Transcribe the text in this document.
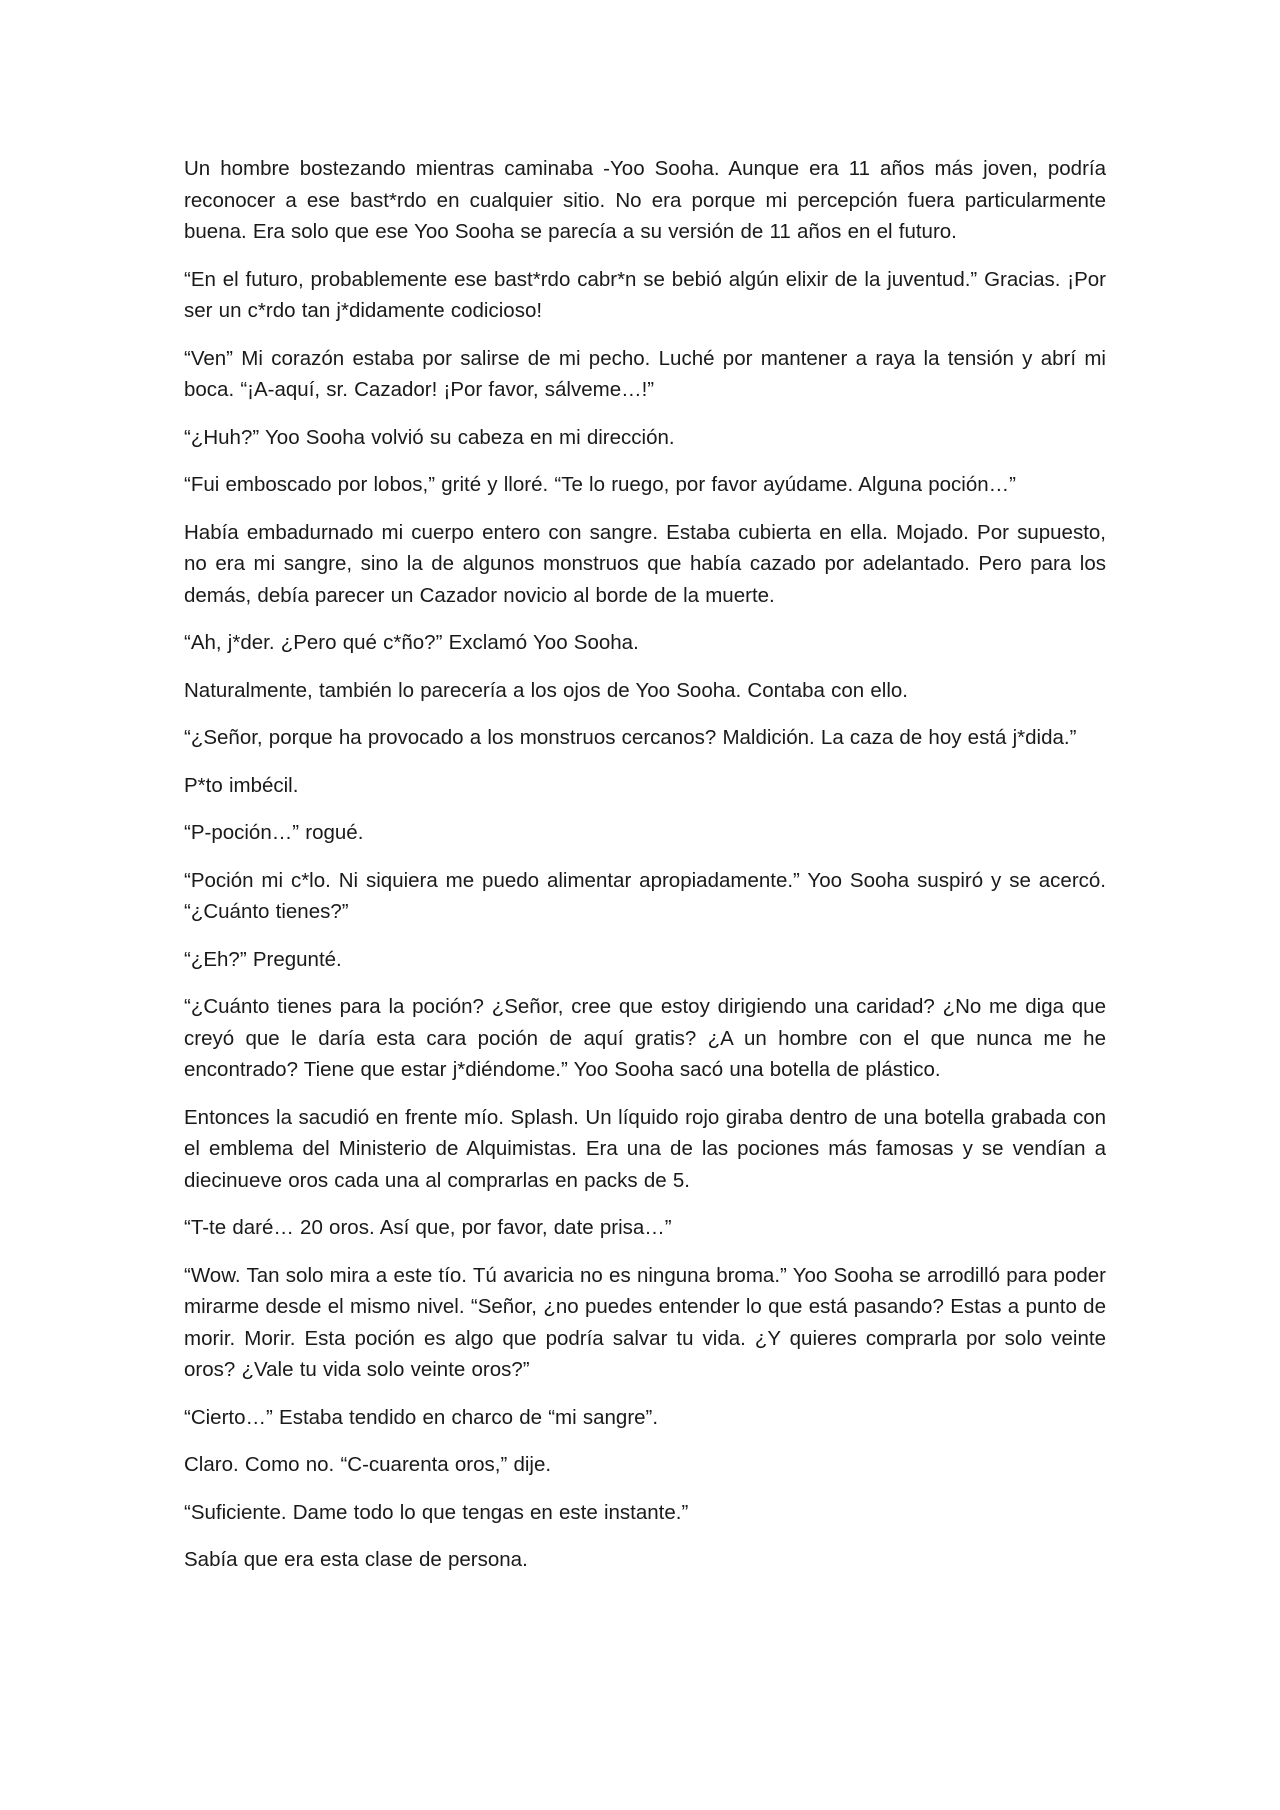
Un hombre bostezando mientras caminaba -Yoo Sooha. Aunque era 11 años más joven, podría reconocer a ese bast*rdo en cualquier sitio. No era porque mi percepción fuera particularmente buena. Era solo que ese Yoo Sooha se parecía a su versión de 11 años en el futuro.

“En el futuro, probablemente ese bast*rdo cabr*n se bebió algún elixir de la juventud.” Gracias. ¡Por ser un c*rdo tan j*didamente codicioso!

“Ven” Mi corazón estaba por salirse de mi pecho. Luché por mantener a raya la tensión y abrí mi boca. “¡A-aquí, sr. Cazador! ¡Por favor, sálveme…!”

“¿Huh?” Yoo Sooha volvió su cabeza en mi dirección.

“Fui emboscado por lobos,” grité y lloré. “Te lo ruego, por favor ayúdame. Alguna poción…”

Había embadurnado mi cuerpo entero con sangre. Estaba cubierta en ella. Mojado. Por supuesto, no era mi sangre, sino la de algunos monstruos que había cazado por adelantado. Pero para los demás, debía parecer un Cazador novicio al borde de la muerte.

“Ah, j*der. ¿Pero qué c*ño?” Exclamó Yoo Sooha.

Naturalmente, también lo parecería a los ojos de Yoo Sooha. Contaba con ello.

“¿Señor, porque ha provocado a los monstruos cercanos? Maldición. La caza de hoy está j*dida.”

P*to imbécil.

“P-poción…” rogué.

“Poción mi c*lo. Ni siquiera me puedo alimentar apropiadamente.” Yoo Sooha suspiró y se acercó. “¿Cuánto tienes?”

“¿Eh?” Pregunté.

“¿Cuánto tienes para la poción? ¿Señor, cree que estoy dirigiendo una caridad? ¿No me diga que creyó que le daría esta cara poción de aquí gratis? ¿A un hombre con el que nunca me he encontrado? Tiene que estar j*diéndome.” Yoo Sooha sacó una botella de plástico.

Entonces la sacudió en frente mío. Splash. Un líquido rojo giraba dentro de una botella grabada con el emblema del Ministerio de Alquimistas. Era una de las pociones más famosas y se vendían a diecinueve oros cada una al comprarlas en packs de 5.

“T-te daré… 20 oros. Así que, por favor, date prisa…”

“Wow. Tan solo mira a este tío. Tú avaricia no es ninguna broma.” Yoo Sooha se arrodilló para poder mirarme desde el mismo nivel. “Señor, ¿no puedes entender lo que está pasando? Estas a punto de morir. Morir. Esta poción es algo que podría salvar tu vida. ¿Y quieres comprarla por solo veinte oros? ¿Vale tu vida solo veinte oros?”

“Cierto…” Estaba tendido en charco de “mi sangre”.

Claro. Como no. “C-cuarenta oros,” dije.

“Suficiente. Dame todo lo que tengas en este instante.”

Sabía que era esta clase de persona.
